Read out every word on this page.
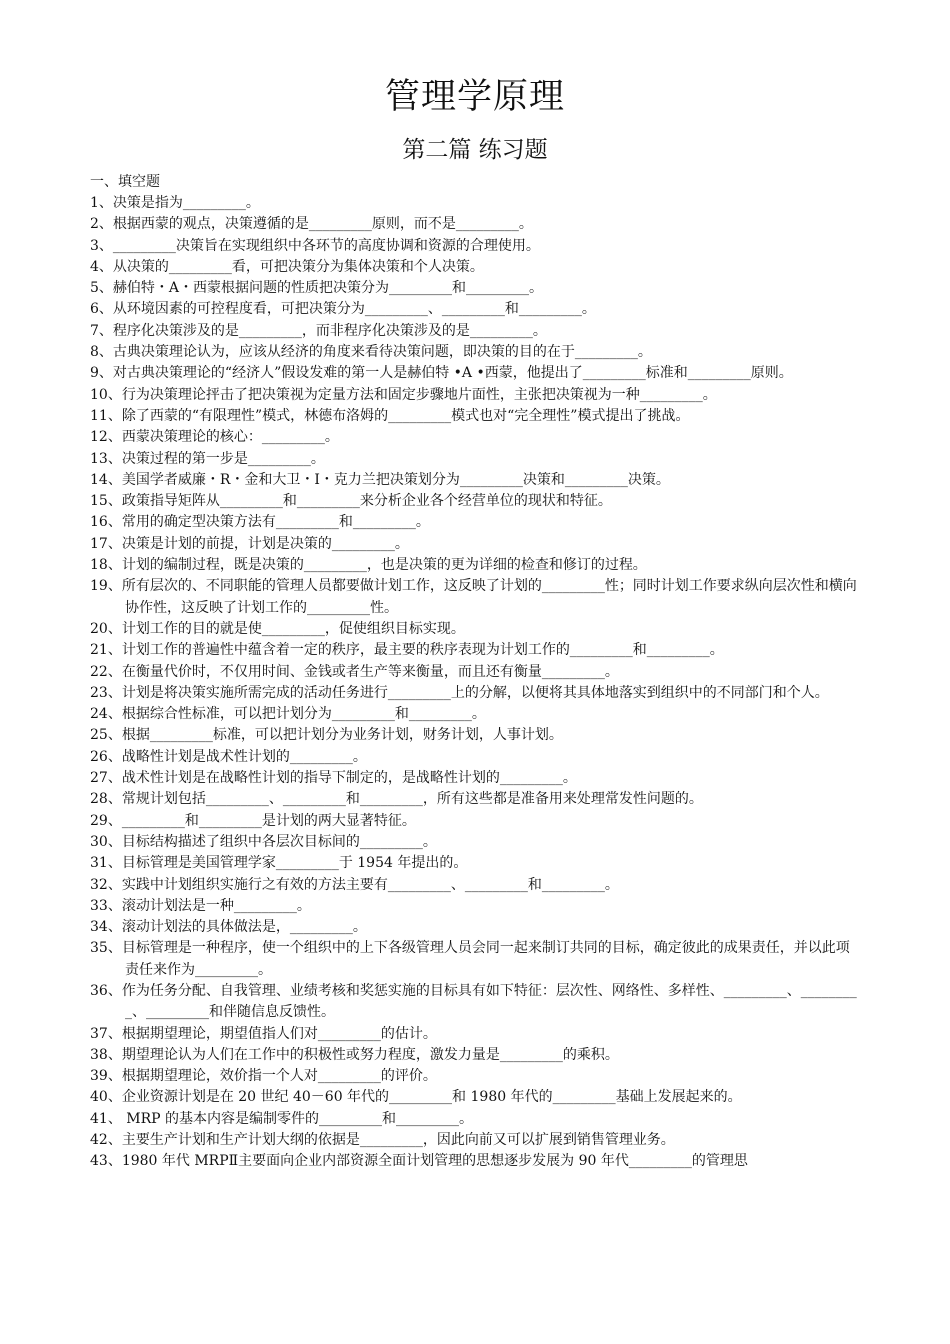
管理学原理
第二篇 练习题
一、填空题
1、决策是指为_________。
2、根据西蒙的观点，决策遵循的是_________原则，而不是_________。
3、_________决策旨在实现组织中各环节的高度协调和资源的合理使用。
4、从决策的_________看，可把决策分为集体决策和个人决策。
5、赫伯特・A・西蒙根据问题的性质把决策分为_________和_________。
6、从环境因素的可控程度看，可把决策分为_________、_________和_________。
7、程序化决策涉及的是_________，而非程序化决策涉及的是_________。
8、古典决策理论认为，应该从经济的角度来看待决策问题，即决策的目的在于_________。
9、对古典决策理论的“经济人”假设发难的第一人是赫伯特 •A •西蒙，他提出了_________标准和_________原则。
10、行为决策理论抨击了把决策视为定量方法和固定步骤地片面性，主张把决策视为一种_________。
11、除了西蒙的“有限理性”模式，林德布洛姆的_________模式也对“完全理性”模式提出了挑战。
12、西蒙决策理论的核心：_________。
13、决策过程的第一步是_________。
14、美国学者威廉・R・金和大卫・I・克力兰把决策划分为_________决策和_________决策。
15、政策指导矩阵从_________和_________来分析企业各个经营单位的现状和特征。
16、常用的确定型决策方法有_________和_________。
17、决策是计划的前提，计划是决策的_________。
18、计划的编制过程，既是决策的_________，也是决策的更为详细的检查和修订的过程。
19、所有层次的、不同职能的管理人员都要做计划工作，这反映了计划的_________性；同时计划工作要求纵向层次性和横向协作性，这反映了计划工作的_________性。
20、计划工作的目的就是使_________，促使组织目标实现。
21、计划工作的普遍性中蕴含着一定的秩序，最主要的秩序表现为计划工作的_________和_________。
22、在衡量代价时，不仅用时间、金钱或者生产等来衡量，而且还有衡量_________。
23、计划是将决策实施所需完成的活动任务进行_________上的分解，以便将其具体地落实到组织中的不同部门和个人。
24、根据综合性标准，可以把计划分为_________和_________。
25、根据_________标准，可以把计划分为业务计划，财务计划，人事计划。
26、战略性计划是战术性计划的_________。
27、战术性计划是在战略性计划的指导下制定的，是战略性计划的_________。
28、常规计划包括_________、_________和_________，所有这些都是准备用来处理常发性问题的。
29、_________和_________是计划的两大显著特征。
30、目标结构描述了组织中各层次目标间的_________。
31、目标管理是美国管理学家_________于 1954 年提出的。
32、实践中计划组织实施行之有效的方法主要有_________、_________和_________。
33、滚动计划法是一种_________。
34、滚动计划法的具体做法是，_________。
35、目标管理是一种程序，使一个组织中的上下各级管理人员会同一起来制订共同的目标，确定彼此的成果责任，并以此项责任来作为_________。
36、作为任务分配、自我管理、业绩考核和奖惩实施的目标具有如下特征：层次性、网络性、多样性、_________、_________、_________和伴随信息反馈性。
37、根据期望理论，期望值指人们对_________的估计。
38、期望理论认为人们在工作中的积极性或努力程度，激发力量是_________的乘积。
39、根据期望理论，效价指一个人对_________的评价。
40、企业资源计划是在 20 世纪 40－60 年代的_________和 1980 年代的_________基础上发展起来的。
41、 MRP 的基本内容是编制零件的_________和_________。
42、主要生产计划和生产计划大纲的依据是_________，因此向前又可以扩展到销售管理业务。
43、1980 年代 MRPⅡ主要面向企业内部资源全面计划管理的思想逐步发展为 90 年代_________的管理思
